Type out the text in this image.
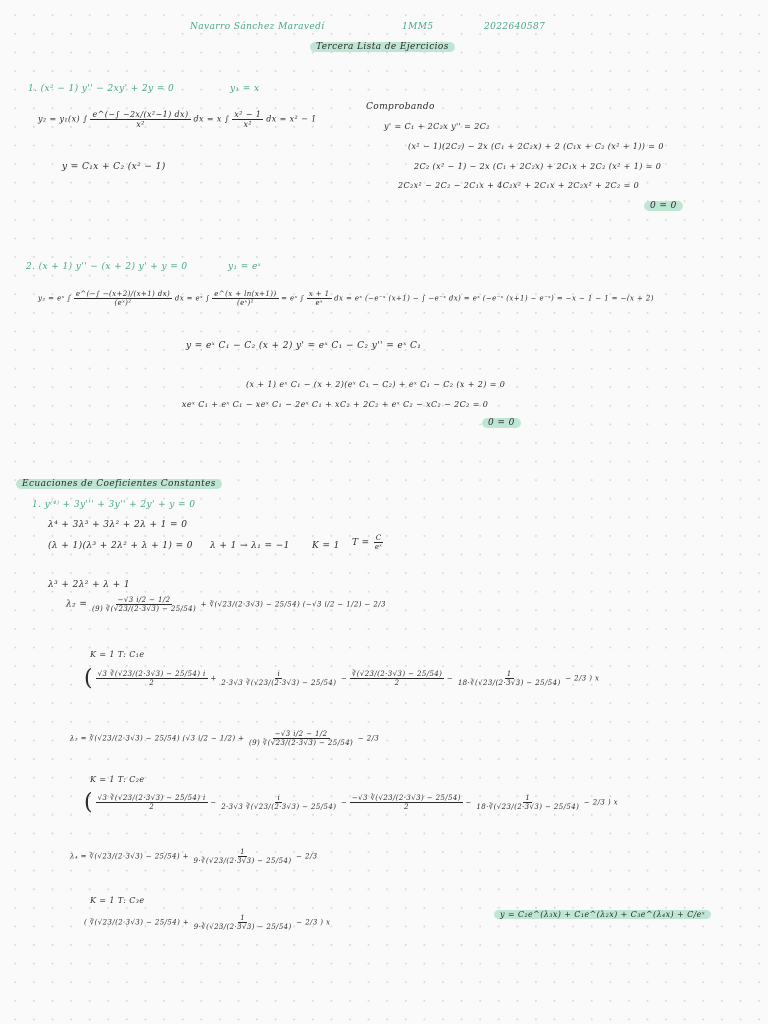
Navarro Sánchez Maravedí	1MM5	2022640587
Tercera Lista de Ejercicios
1. (x² − 1) y'' − 2xy' + 2y = 0	y₁ = x
y₂ = y₁(x) ∫ $\frac{\text{e\textasciicircum{}(−∫ −2x/(x²−1) dx)}}{\text{x²}}$ dx = x ∫ $\frac{\text{x² − 1}}{\text{x²}}$ dx = x² − 1
y = C₁x + C₂ (x² − 1)
Comprobando
y' = C₁ + 2C₂x y'' = 2C₂
(x² − 1)(2C₂) − 2x (C₁ + 2C₂x) + 2 (C₁x + C₂ (x² + 1)) = 0
2C₂ (x² − 1) − 2x (C₁ + 2C₂x) + 2C₁x + 2C₂ (x² + 1) = 0
2C₂x² − 2C₂ − 2C₁x + 4C₂x² + 2C₁x + 2C₂x² + 2C₂ = 0
0 = 0
2. (x + 1) y'' − (x + 2) y' + y = 0	y₁ = eˣ
y₂ = eˣ ∫ $\frac{e\^{}(-\int -(x+2)/(x+1) dx)}{\text{(eˣ)²}}$ dx = eˣ ∫ $\frac{e\^{}(x + \ln(x+1))}{\text{(eˣ)²}}$ = eˣ ∫ $\frac{x + 1}{\text{eˣ}}$ dx = eˣ (−e⁻ˣ (x+1) − ∫ −e⁻ˣ dx) = eˣ (−e⁻ˣ (x+1) − e⁻ˣ) = −x − 1 − 1 = −(x + 2)
y = eˣ C₁ − C₂ (x + 2) y' = eˣ C₁ − C₂ y'' = eˣ C₁
(x + 1) eˣ C₁ − (x + 2)(eˣ C₁ − C₂) + eˣ C₁ − C₂ (x + 2) = 0
xeˣ C₁ + eˣ C₁ − xeˣ C₁ − 2eˣ C₁ + xC₂ + 2C₂ + eˣ C₂ − xC₂ − 2C₂ = 0
0 = 0
Ecuaciones de Coeficientes Constantes
1. y⁽⁴⁾ + 3y''' + 3y'' + 2y' + y = 0
λ⁴ + 3λ³ + 3λ² + 2λ + 1 = 0
(λ + 1)(λ³ + 2λ² + λ + 1) = 0 λ + 1 → λ₁ = −1 K = 1 $T = \frac{C}{\text{eˣ}}$
λ³ + 2λ² + λ + 1
$\lambda_2 = \frac{-√3 i/2 - 1/2}{(9) ∛(√23/(2\cdot 3√3) - 25/54)}$ + ∛(√23/(2·3√3) − 25/54) (−√3 i/2 − 1/2) − 2/3
K = 1 T: C₁e
( $\frac{√3 ∛(√23/(2\cdot 3√3) - 25/54) i}{2} + \frac{i}{2\cdot 3√3 ∛(√23/(2\cdot 3√3) - 25/54)} - \frac{∛(√23/(2\cdot 3√3) - 25/54)}{2} - \frac{1}{18\cdot∛(√23/(2\cdot 3√3) - 25/54)} - 2/3$ ) x
λ₃ = ∛(√23/(2·3√3) − 25/54) (√3 $i/2 - 1/2) + \frac{-√3 i/2 - 1/2}{(9) ∛(√23/(2\cdot 3√3) - 25/54)} - 2/3$
K = 1 T: C₂e
( $\frac{√3 ∛(√23/(2\cdot 3√3) - 25/54) i}{2} - \frac{i}{2\cdot 3√3 ∛(√23/(2\cdot 3√3) - 25/54)} - \frac{-√3 ∛(√23/(2\cdot 3√3) - 25/54)}{2} - \frac{1}{18\cdot∛(√23/(2\cdot 3√3) - 25/54)} - 2/3$ ) x
λ₄ = ∛(√23/(2·3√3) − $25/54) + \frac{1}{9\cdot∛(√23/(2\cdot 3√3) - 25/54)} - 2/3$
K = 1 T: C₃e
( ∛(√23/(2·3√3) − $25/54) + \frac{1}{9\cdot∛(√23/(2\cdot 3√3) - 25/54)} - 2/3$ ) x
y = C₂e^(λ₃x) + C₁e^(λ₂x) + C₃e^(λ₄x) + C/eˣ
